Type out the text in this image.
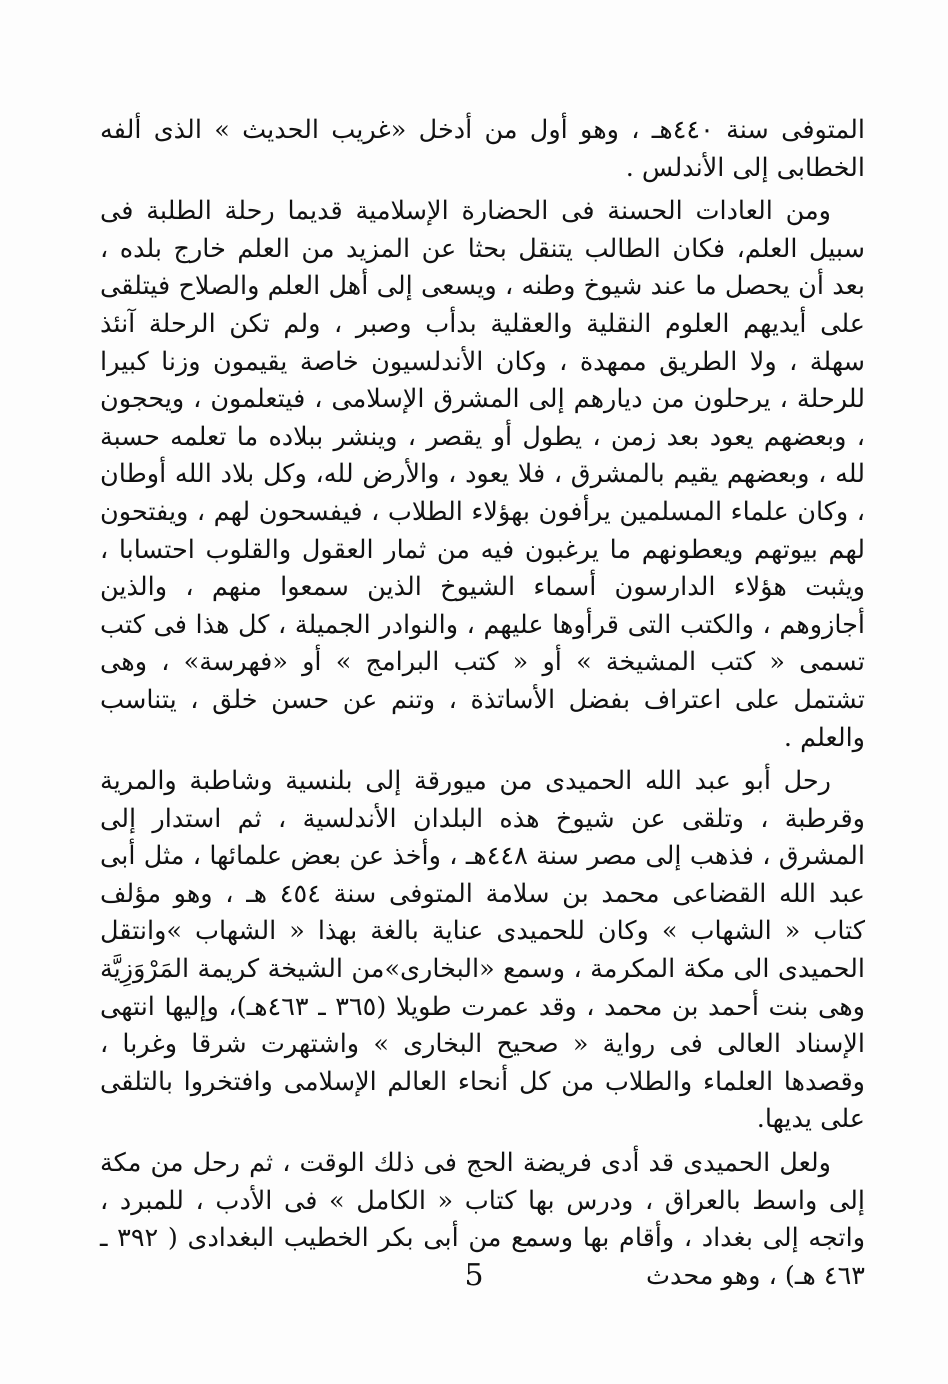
المتوفى سنة ٤٤٠هـ ، وهو أول من أدخل «غريب الحديث » الذى ألفه الخطابى إلى الأندلس .

ومن العادات الحسنة فى الحضارة الإسلامية قديما رحلة الطلبة فى سبيل العلم، فكان الطالب يتنقل بحثا عن المزيد من العلم خارج بلده ، بعد أن يحصل ما عند شيوخ وطنه ، ويسعى إلى أهل العلم والصلاح فيتلقى على أيديهم العلوم النقلية والعقلية بدأب وصبر ، ولم تكن الرحلة آنئذ سهلة ، ولا الطريق ممهدة ، وكان الأندلسيون خاصة يقيمون وزنا كبيرا للرحلة ، يرحلون من ديارهم إلى المشرق الإسلامى ، فيتعلمون ، ويحجون ، وبعضهم يعود بعد زمن ، يطول أو يقصر ، وينشر ببلاده ما تعلمه حسبة لله ، وبعضهم يقيم بالمشرق ، فلا يعود ، والأرض لله، وكل بلاد الله أوطان ، وكان علماء المسلمين يرأفون بهؤلاء الطلاب ، فيفسحون لهم ، ويفتحون لهم بيوتهم ويعطونهم ما يرغبون فيه من ثمار العقول والقلوب احتسابا ، ويثبت هؤلاء الدارسون أسماء الشيوخ الذين سمعوا منهم ، والذين أجازوهم ، والكتب التى قرأوها عليهم ، والنوادر الجميلة ، كل هذا فى كتب تسمى « كتب المشيخة » أو « كتب البرامج » أو «فهرسة» ، وهى تشتمل على اعتراف بفضل الأساتذة ، وتنم عن حسن خلق ، يتناسب والعلم .

رحل أبو عبد الله الحميدى من ميورقة إلى بلنسية وشاطبة والمرية وقرطبة ، وتلقى عن شيوخ هذه البلدان الأندلسية ، ثم استدار إلى المشرق ، فذهب إلى مصر سنة ٤٤٨هـ ، وأخذ عن بعض علمائها ، مثل أبى عبد الله القضاعى محمد بن سلامة المتوفى سنة ٤٥٤ هـ ، وهو مؤلف كتاب « الشهاب » وكان للحميدى عناية بالغة بهذا « الشهاب »وانتقل الحميدى الى مكة المكرمة ، وسمع «البخارى»من الشيخة كريمة المَرْوَزِيَّة وهى بنت أحمد بن محمد ، وقد عمرت طويلا (٣٦٥ ـ ٤٦٣هـ)، وإليها انتهى الإسناد العالى فى رواية « صحيح البخارى » واشتهرت شرقا وغربا ، وقصدها العلماء والطلاب من كل أنحاء العالم الإسلامى وافتخروا بالتلقى على يديها.

ولعل الحميدى قد أدى فريضة الحج فى ذلك الوقت ، ثم رحل من مكة إلى واسط بالعراق ، ودرس بها كتاب « الكامل » فى الأدب ، للمبرد ، واتجه إلى بغداد ، وأقام بها وسمع من أبى بكر الخطيب البغدادى ( ٣٩٢ ـ ٤٦٣ هـ) ، وهو محدث

5
